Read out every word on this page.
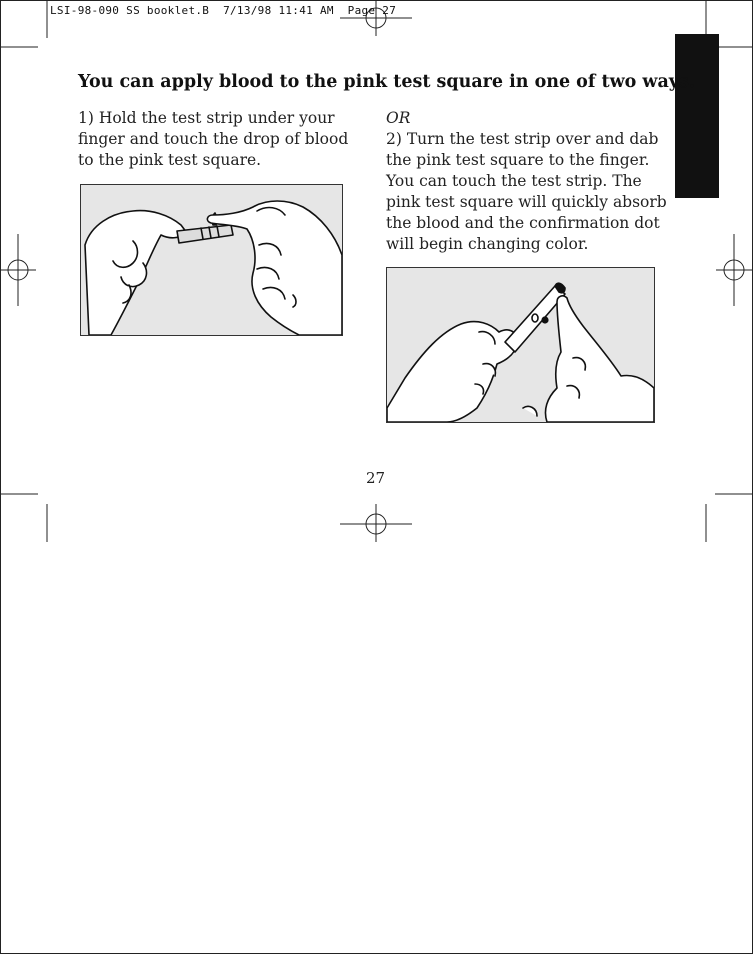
LSI-98-090 SS booklet.B  7/13/98 11:41 AM  Page 27
You can apply blood to the pink test square in one of two ways.

1) Hold the test strip under your

finger and touch the drop of blood

to the pink test square.

OR

2) Turn the test strip over and dab

the pink test square to the finger.

You can touch the test strip. The

pink test square will quickly absorb

the blood and the confirmation dot

will begin changing color.

27
